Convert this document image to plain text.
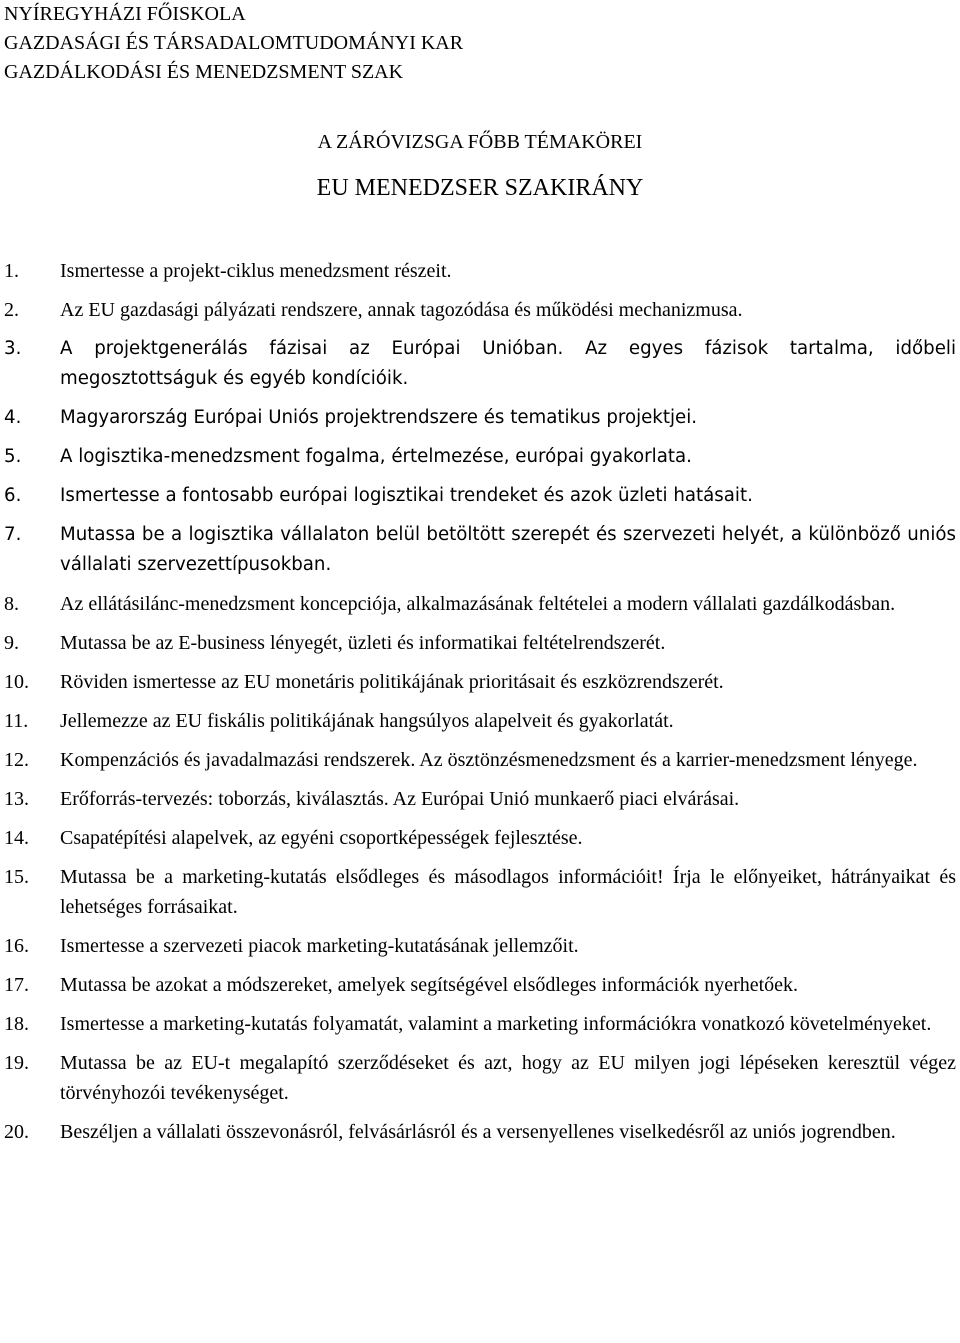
NYÍREGYHÁZI FŐISKOLA
GAZDASÁGI ÉS TÁRSADALOMTUDOMÁNYI KAR
GAZDÁLKODÁSI ÉS MENEDZSMENT SZAK
A ZÁRÓVIZSGA FŐBB TÉMAKÖREI
EU MENEDZSER SZAKIRÁNY
1.	Ismertesse a projekt-ciklus menedzsment részeit.
2.	Az EU gazdasági pályázati rendszere, annak tagozódása és működési mechanizmusa.
3.	A projektgenerálás fázisai az Európai Unióban. Az egyes fázisok tartalma, időbeli megosztottságuk és egyéb kondícióik.
4.	Magyarország Európai Uniós projektrendszere és tematikus projektjei.
5.	A logisztika-menedzsment fogalma, értelmezése, európai gyakorlata.
6.	Ismertesse a fontosabb európai logisztikai trendeket és azok üzleti hatásait.
7.	Mutassa be a logisztika vállalaton belül betöltött szerepét és szervezeti helyét, a különböző uniós vállalati szervezettípusokban.
8.	Az ellátásilánc-menedzsment koncepciója, alkalmazásának feltételei a modern vállalati gazdálkodásban.
9.	Mutassa be az E-business lényegét, üzleti és informatikai feltételrendszerét.
10.	Röviden ismertesse az EU monetáris politikájának prioritásait és eszközrendszerét.
11.	Jellemezze az EU fiskális politikájának hangsúlyos alapelveit és gyakorlatát.
12.	Kompenzációs és javadalmazási rendszerek. Az ösztönzésmenedzsment és a karrier-menedzsment lényege.
13.	Erőforrás-tervezés: toborzás, kiválasztás. Az Európai Unió munkaerő piaci elvárásai.
14.	Csapatépítési alapelvek, az egyéni csoportképességek fejlesztése.
15.	Mutassa be a marketing-kutatás elsődleges és másodlagos információit! Írja le előnyeiket, hátrányaikat és lehetséges forrásaikat.
16.	Ismertesse a szervezeti piacok marketing-kutatásának jellemzőit.
17.	Mutassa be azokat a módszereket, amelyek segítségével elsődleges információk nyerhetőek.
18.	Ismertesse a marketing-kutatás folyamatát, valamint a marketing információkra vonatkozó követelményeket.
19.	Mutassa be az EU-t megalapító szerződéseket és azt, hogy az EU milyen jogi lépéseken keresztül végez törvényhozói tevékenységet.
20.	Beszéljen a vállalati összevonásról, felvásárlásról és a versenyellenes viselkedésről az uniós jogrendben.
